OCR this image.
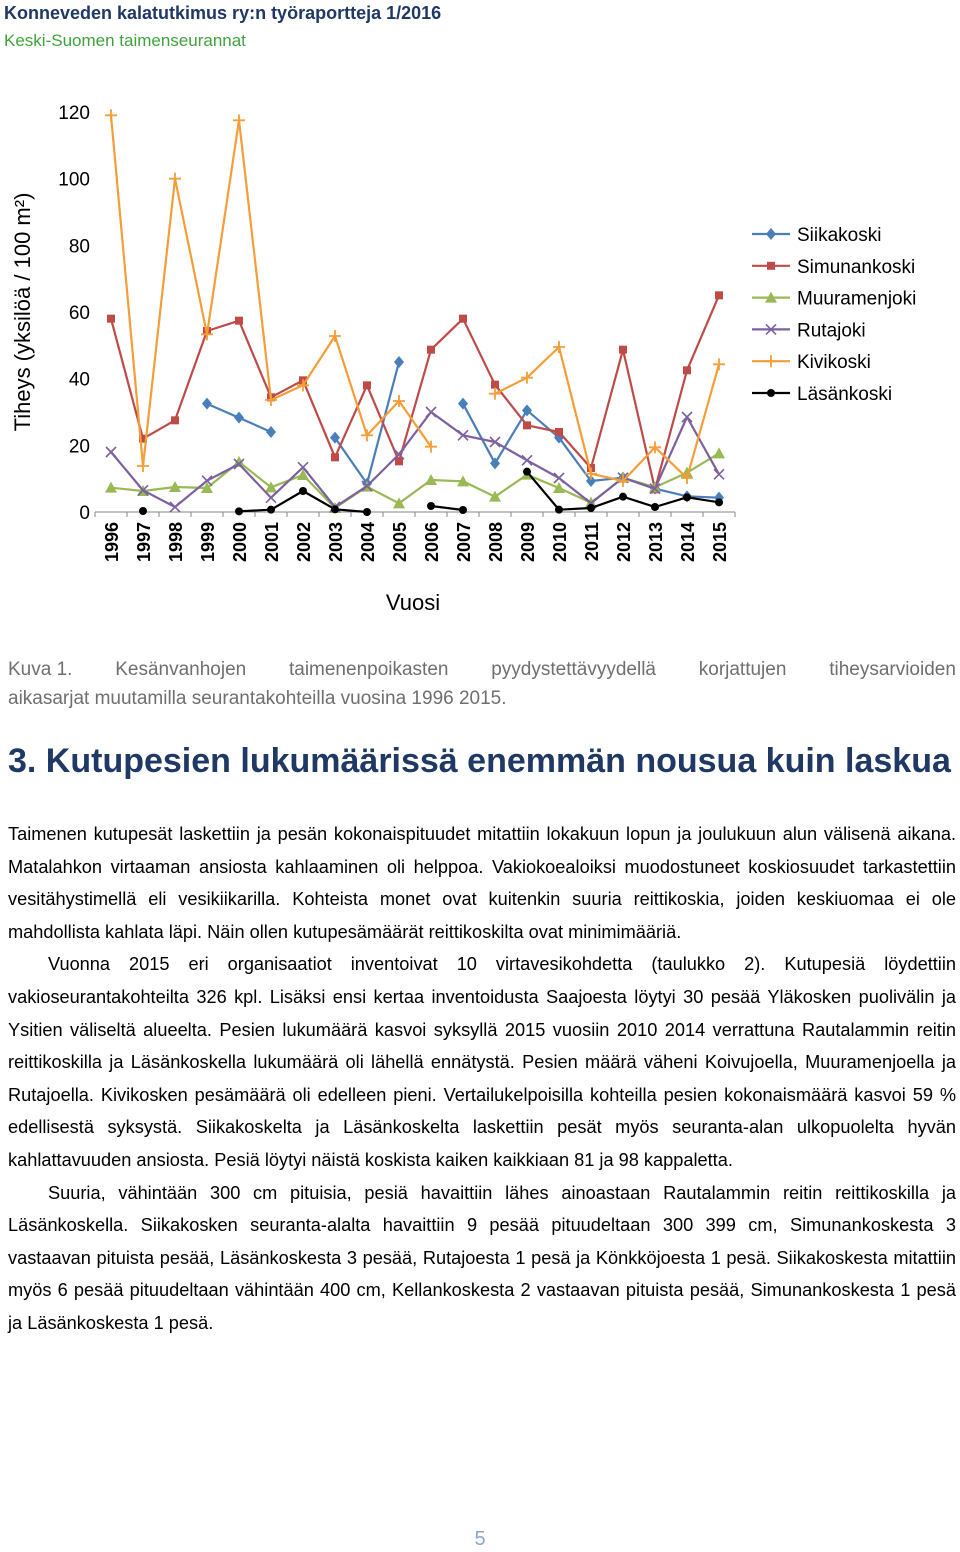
Konneveden kalatutkimus ry:n työraportteja 1/2016
Keski-Suomen taimenseurannat
0
20
40
60
80
100
120
1996 1997 1998 1999 2000 2001 2002 2003 2004 2005 2006 2007 2008 2009 2010 2011 2012 2013 2014 2015
Tiheys (yksilöä / 100 m²)
Vuosi
Siikakoski
Simunankoski
Muuramenjoki
Rutajoki
Kivikoski
Läsänkoski
Kuva 1. Kesänvanhojen taimenenpoikasten pyydystettävyydellä korjattujen tiheysarvioiden
aikasarjat muutamilla seurantakohteilla vuosina 1996 2015.
3. Kutupesien lukumäärissä enemmän nousua kuin laskua

Taimenen kutupesät laskettiin ja pesän kokonaispituudet mitattiin lokakuun lopun ja joulukuun alun välisenä aikana. Matalahkon virtaaman ansiosta kahlaaminen oli helppoa. Vakiokoealoiksi muodostuneet koskiosuudet tarkastettiin vesitähystimellä eli vesikiikarilla. Kohteista monet ovat kuitenkin suuria reittikoskia, joiden keskiuomaa ei ole mahdollista kahlata läpi. Näin ollen kutupesämäärät reittikoskilta ovat minimimääriä.

Vuonna 2015 eri organisaatiot inventoivat 10 virtavesikohdetta (taulukko 2). Kutupesiä löydettiin vakioseurantakohteilta 326 kpl. Lisäksi ensi kertaa inventoidusta Saajoesta löytyi 30 pesää Yläkosken puolivälin ja Ysitien väliseltä alueelta. Pesien lukumäärä kasvoi syksyllä 2015 vuosiin 2010 2014 verrattuna Rautalammin reitin reittikoskilla ja Läsänkoskella lukumäärä oli lähellä ennätystä. Pesien määrä väheni Koivujoella, Muuramenjoella ja Rutajoella. Kivikosken pesämäärä oli edelleen pieni. Vertailukelpoisilla kohteilla pesien kokonaismäärä kasvoi 59 % edellisestä syksystä. Siikakoskelta ja Läsänkoskelta laskettiin pesät myös seuranta-alan ulkopuolelta hyvän kahlattavuuden ansiosta. Pesiä löytyi näistä koskista kaiken kaikkiaan 81 ja 98 kappaletta.

Suuria, vähintään 300 cm pituisia, pesiä havaittiin lähes ainoastaan Rautalammin reitin reittikoskilla ja Läsänkoskella. Siikakosken seuranta-alalta havaittiin 9 pesää pituudeltaan 300 399 cm, Simunankoskesta 3 vastaavan pituista pesää, Läsänkoskesta 3 pesää, Rutajoesta 1 pesä ja Könkköjoesta 1 pesä. Siikakoskesta mitattiin myös 6 pesää pituudeltaan vähintään 400 cm, Kellankoskesta 2 vastaavan pituista pesää, Simunankoskesta 1 pesä ja Läsänkoskesta 1 pesä.

5
